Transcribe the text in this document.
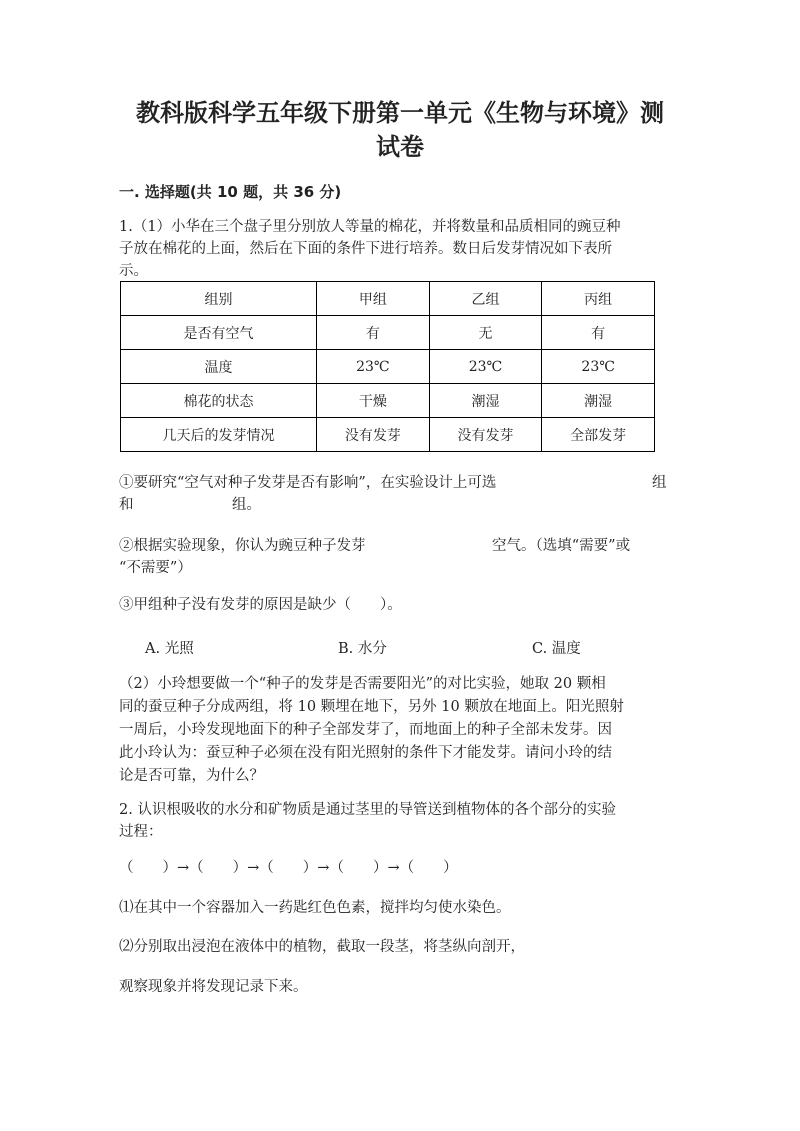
教科版科学五年级下册第一单元《生物与环境》测
试卷
一. 选择题(共 10 题，共 36 分)
1.（1）小华在三个盘子里分别放人等量的棉花，并将数量和品质相同的豌豆种
子放在棉花的上面，然后在下面的条件下进行培养。数日后发芽情况如下表所
示。
组别	甲组	乙组	丙组
是否有空气	有	无	有
温度	23℃	23℃	23℃
棉花的状态	干燥	潮湿	潮湿
几天后的发芽情况	没有发芽	没有发芽	全部发芽
①要研究“空气对种子发芽是否有影响”，在实验设计上可选	组
和	组。
②根据实验现象，你认为豌豆种子发芽	空气。（选填“需要”或
“不需要”）
③甲组种子没有发芽的原因是缺少（　　）。
A. 光照	B. 水分	C. 温度
（2）小玲想要做一个“种子的发芽是否需要阳光”的对比实验，她取 20 颗相
同的蚕豆种子分成两组，将 10 颗埋在地下，另外 10 颗放在地面上。阳光照射
一周后，小玲发现地面下的种子全部发芽了，而地面上的种子全部未发芽。因
此小玲认为：蚕豆种子必须在没有阳光照射的条件下才能发芽。请问小玲的结
论是否可靠，为什么？
2. 认识根吸收的水分和矿物质是通过茎里的导管送到植物体的各个部分的实验
过程：
（　　）→（　　）→（　　）→（　　）→（　　）
⑴在其中一个容器加入一药匙红色色素，搅拌均匀使水染色。
⑵分别取出浸泡在液体中的植物，截取一段茎，将茎纵向剖开，
观察现象并将发现记录下来。
